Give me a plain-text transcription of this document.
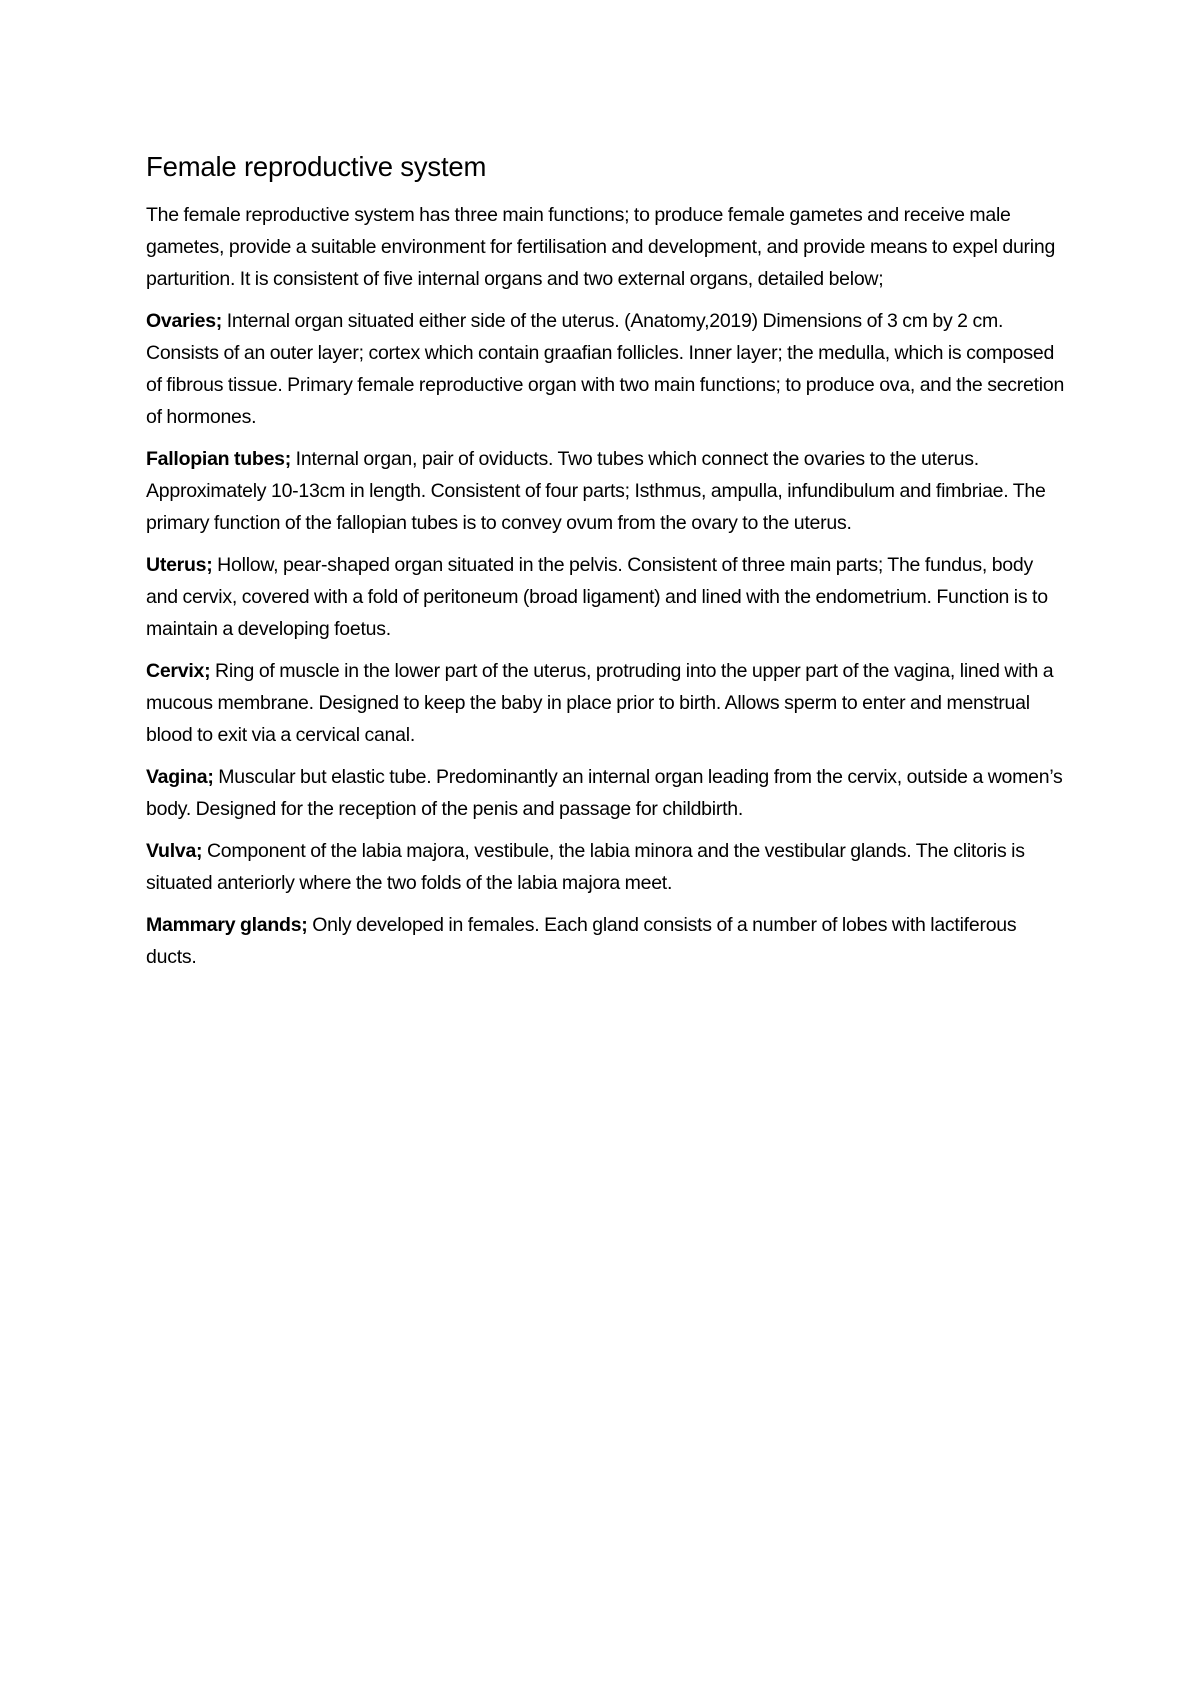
Female reproductive system

The female reproductive system has three main functions; to produce female gametes and receive male gametes, provide a suitable environment for fertilisation and development, and provide means to expel during parturition. It is consistent of five internal organs and two external organs, detailed below;

Ovaries; Internal organ situated either side of the uterus. (Anatomy,2019) Dimensions of 3 cm by 2 cm. Consists of an outer layer; cortex which contain graafian follicles. Inner layer; the medulla, which is composed of fibrous tissue. Primary female reproductive organ with two main functions; to produce ova, and the secretion of hormones.

Fallopian tubes; Internal organ, pair of oviducts. Two tubes which connect the ovaries to the uterus. Approximately 10-13cm in length. Consistent of four parts; Isthmus, ampulla, infundibulum and fimbriae. The primary function of the fallopian tubes is to convey ovum from the ovary to the uterus.

Uterus; Hollow, pear-shaped organ situated in the pelvis. Consistent of three main parts; The fundus, body and cervix, covered with a fold of peritoneum (broad ligament) and lined with the endometrium. Function is to maintain a developing foetus.

Cervix; Ring of muscle in the lower part of the uterus, protruding into the upper part of the vagina, lined with a mucous membrane. Designed to keep the baby in place prior to birth. Allows sperm to enter and menstrual blood to exit via a cervical canal.

Vagina; Muscular but elastic tube. Predominantly an internal organ leading from the cervix, outside a women’s body. Designed for the reception of the penis and passage for childbirth.

Vulva; Component of the labia majora, vestibule, the labia minora and the vestibular glands. The clitoris is situated anteriorly where the two folds of the labia majora meet.

Mammary glands; Only developed in females. Each gland consists of a number of lobes with lactiferous ducts.
